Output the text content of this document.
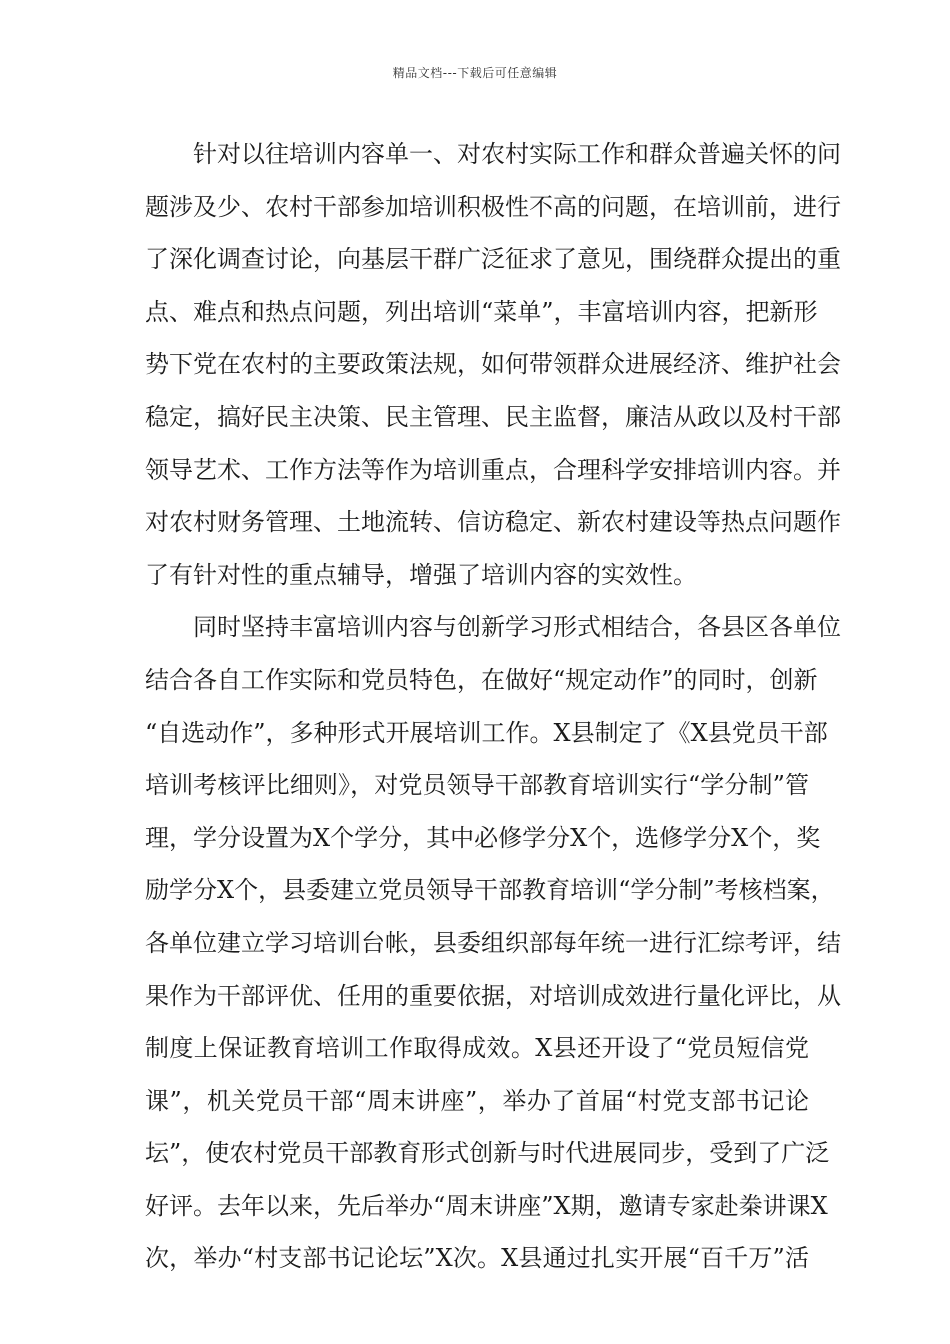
精品文档---下载后可任意编辑
针对以往培训内容单一、对农村实际工作和群众普遍关怀的问
题涉及少、农村干部参加培训积极性不高的问题，在培训前，进行
了深化调查讨论，向基层干群广泛征求了意见，围绕群众提出的重
点、难点和热点问题，列出培训“菜单”，丰富培训内容，把新形
势下党在农村的主要政策法规，如何带领群众进展经济、维护社会
稳定，搞好民主决策、民主管理、民主监督，廉洁从政以及村干部
领导艺术、工作方法等作为培训重点，合理科学安排培训内容。并
对农村财务管理、土地流转、信访稳定、新农村建设等热点问题作
了有针对性的重点辅导，增强了培训内容的实效性。
同时坚持丰富培训内容与创新学习形式相结合，各县区各单位
结合各自工作实际和党员特色，在做好“规定动作”的同时，创新
“自选动作”，多种形式开展培训工作。X县制定了《X县党员干部
培训考核评比细则》，对党员领导干部教育培训实行“学分制”管
理，学分设置为X个学分，其中必修学分X个，选修学分X个，奖
励学分X个，县委建立党员领导干部教育培训“学分制”考核档案，
各单位建立学习培训台帐，县委组织部每年统一进行汇综考评，结
果作为干部评优、任用的重要依据，对培训成效进行量化评比，从
制度上保证教育培训工作取得成效。X县还开设了“党员短信党
课”，机关党员干部“周末讲座”，举办了首届“村党支部书记论
坛”，使农村党员干部教育形式创新与时代进展同步，受到了广泛
好评。去年以来，先后举办“周末讲座”X期，邀请专家赴桊讲课X
次，举办“村支部书记论坛”X次。X县通过扎实开展“百千万”活
